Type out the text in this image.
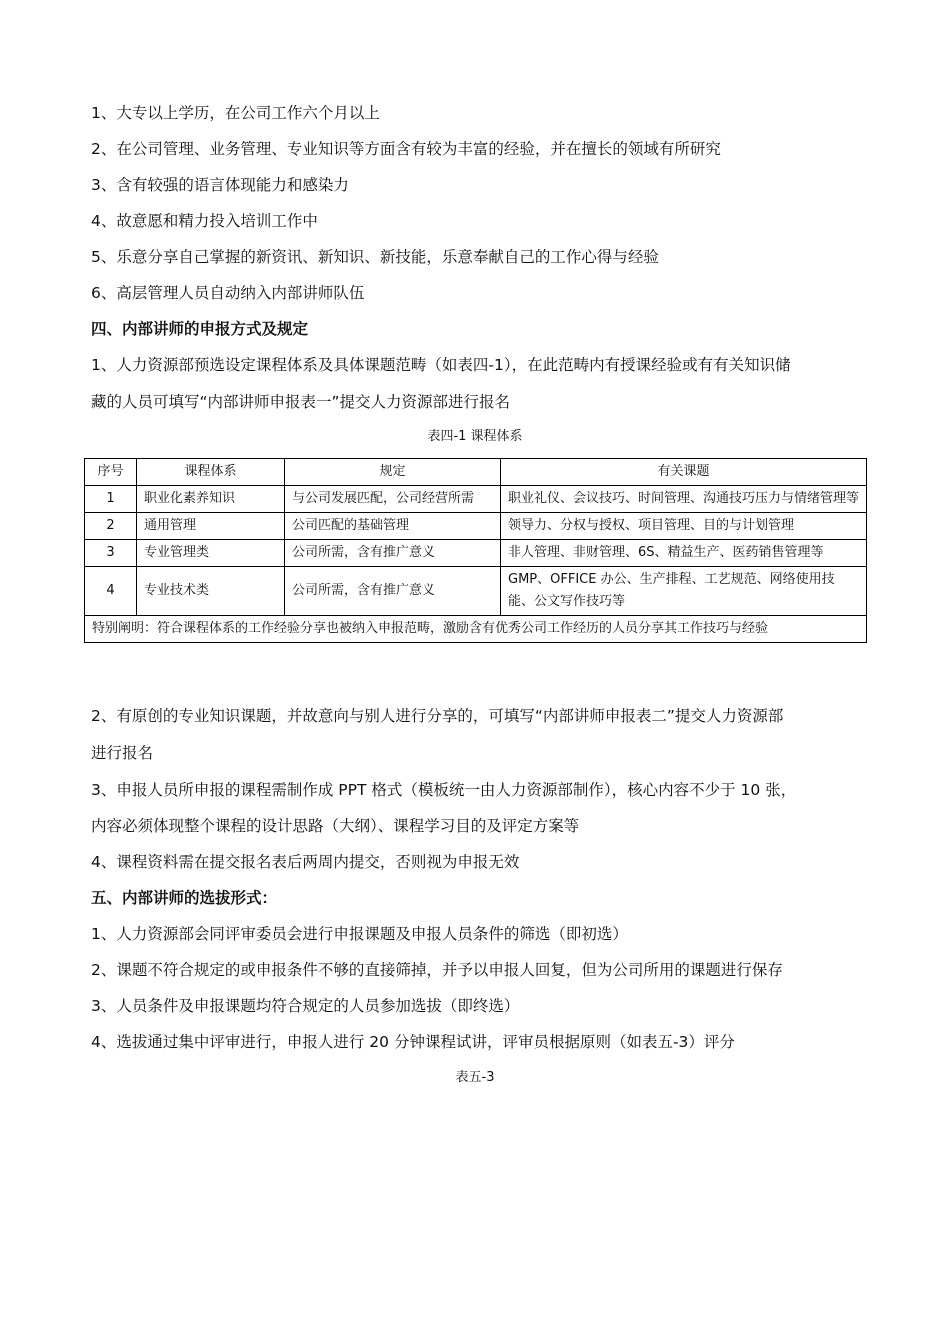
1、大专以上学历，在公司工作六个月以上
2、在公司管理、业务管理、专业知识等方面含有较为丰富的经验，并在擅长的领域有所研究
3、含有较强的语言体现能力和感染力
4、故意愿和精力投入培训工作中
5、乐意分享自己掌握的新资讯、新知识、新技能，乐意奉献自己的工作心得与经验
6、高层管理人员自动纳入内部讲师队伍
四、内部讲师的申报方式及规定
1、人力资源部预选设定课程体系及具体课题范畴（如表四-1），在此范畴内有授课经验或有有关知识储
藏的人员可填写“内部讲师申报表一”提交人力资源部进行报名
表四-1 课程体系
序号	课程体系	规定	有关课题
1	职业化素养知识	与公司发展匹配，公司经营所需	职业礼仪、会议技巧、时间管理、沟通技巧压力与情绪管理等
2	通用管理	公司匹配的基础管理	领导力、分权与授权、项目管理、目的与计划管理
3	专业管理类	公司所需，含有推广意义	非人管理、非财管理、6S、精益生产、医药销售管理等
4	专业技术类	公司所需，含有推广意义	GMP、OFFICE 办公、生产排程、工艺规范、网络使用技能、公文写作技巧等
特别阐明：符合课程体系的工作经验分享也被纳入申报范畴，激励含有优秀公司工作经历的人员分享其工作技巧与经验			
2、有原创的专业知识课题，并故意向与别人进行分享的，可填写“内部讲师申报表二”提交人力资源部
进行报名
3、申报人员所申报的课程需制作成 PPT 格式（模板统一由人力资源部制作），核心内容不少于 10 张，
内容必须体现整个课程的设计思路（大纲）、课程学习目的及评定方案等
4、课程资料需在提交报名表后两周内提交，否则视为申报无效
五、内部讲师的选拔形式：
1、人力资源部会同评审委员会进行申报课题及申报人员条件的筛选（即初选）
2、课题不符合规定的或申报条件不够的直接筛掉，并予以申报人回复，但为公司所用的课题进行保存
3、人员条件及申报课题均符合规定的人员参加选拔（即终选）
4、选拔通过集中评审进行，申报人进行 20 分钟课程试讲，评审员根据原则（如表五-3）评分
表五-3
